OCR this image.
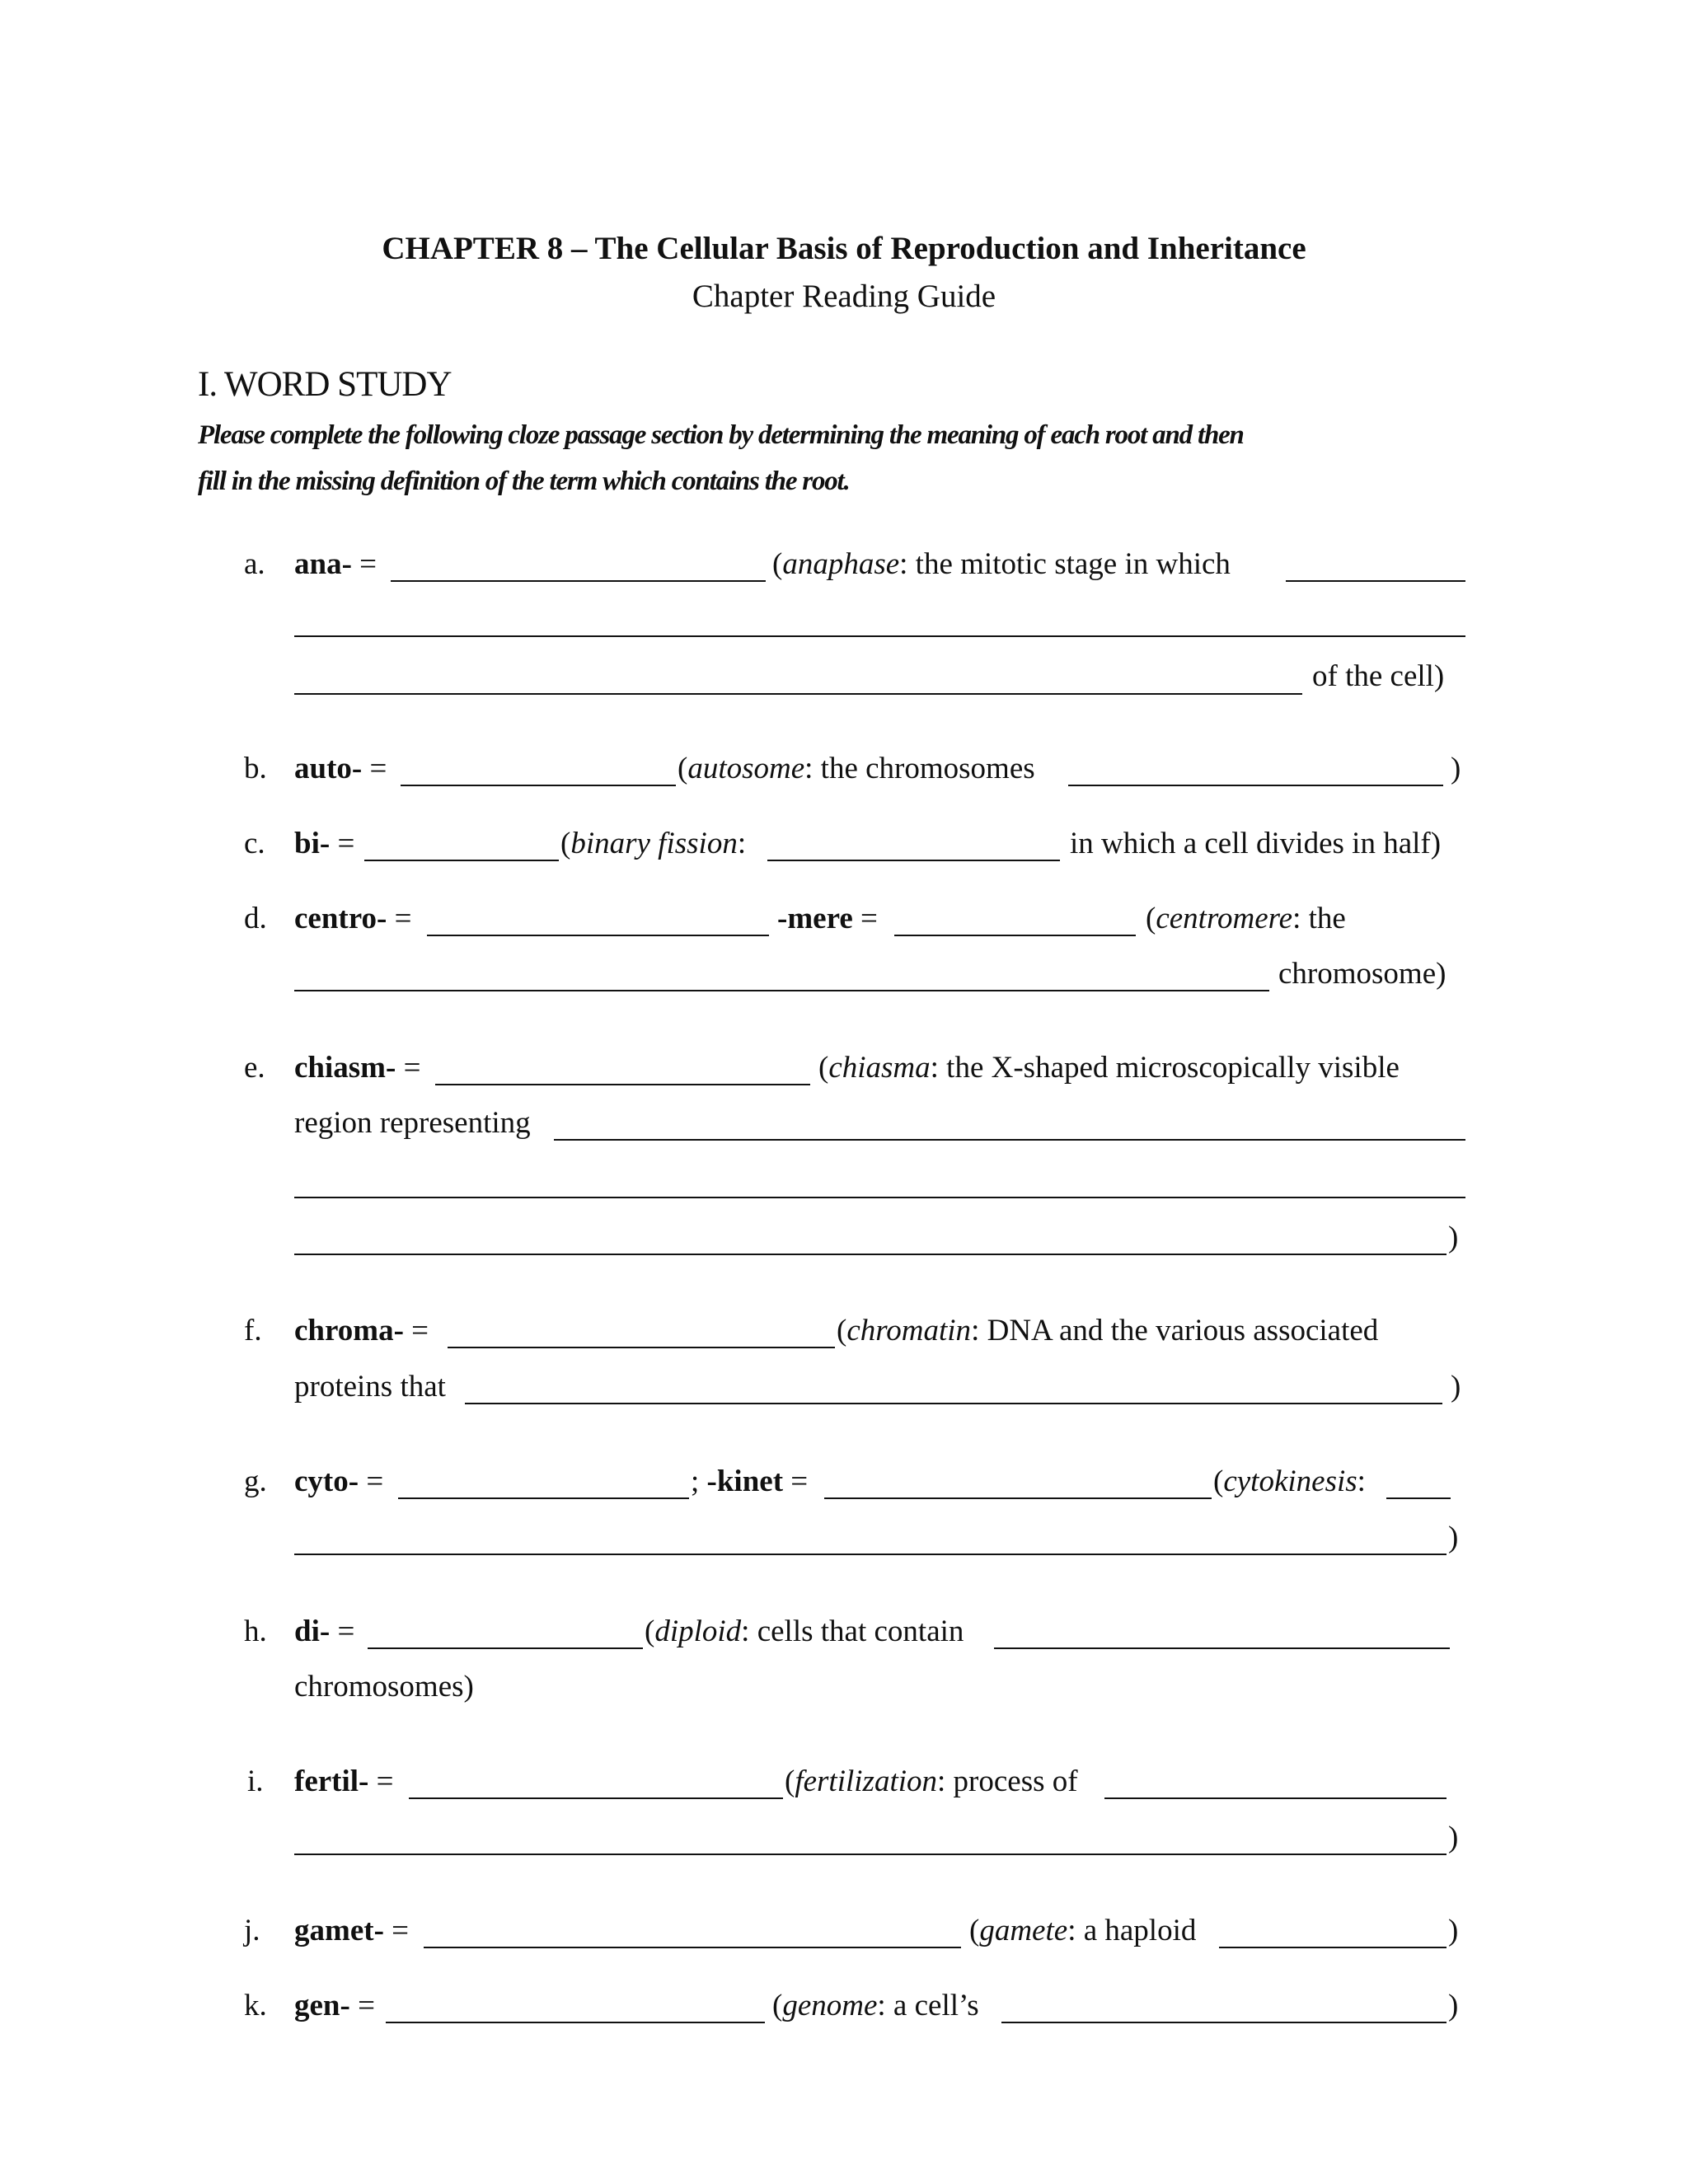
CHAPTER 8 – The Cellular Basis of Reproduction and Inheritance
Chapter Reading Guide
I. WORD STUDY
Please complete the following cloze passage section by determining the meaning of each root and then
fill in the missing definition of the term which contains the root.
a. ana- =	(anaphase: the mitotic stage in which
of the cell)
b. auto- =	(autosome: the chromosomes	)
c. bi- =	(binary fission:	in which a cell divides in half)
d. centro- =	-mere =	(centromere: the
chromosome)
e. chiasm- =	(chiasma: the X-shaped microscopically visible
region representing
)
f. chroma- =	(chromatin: DNA and the various associated
proteins that	)
g. cyto- =	; -kinet =	(cytokinesis:
)
h. di- =	(diploid: cells that contain
chromosomes)
i. fertil- =	(fertilization: process of
)
j. gamet- =	(gamete: a haploid	)
k. gen- =	(genome: a cell’s	)
